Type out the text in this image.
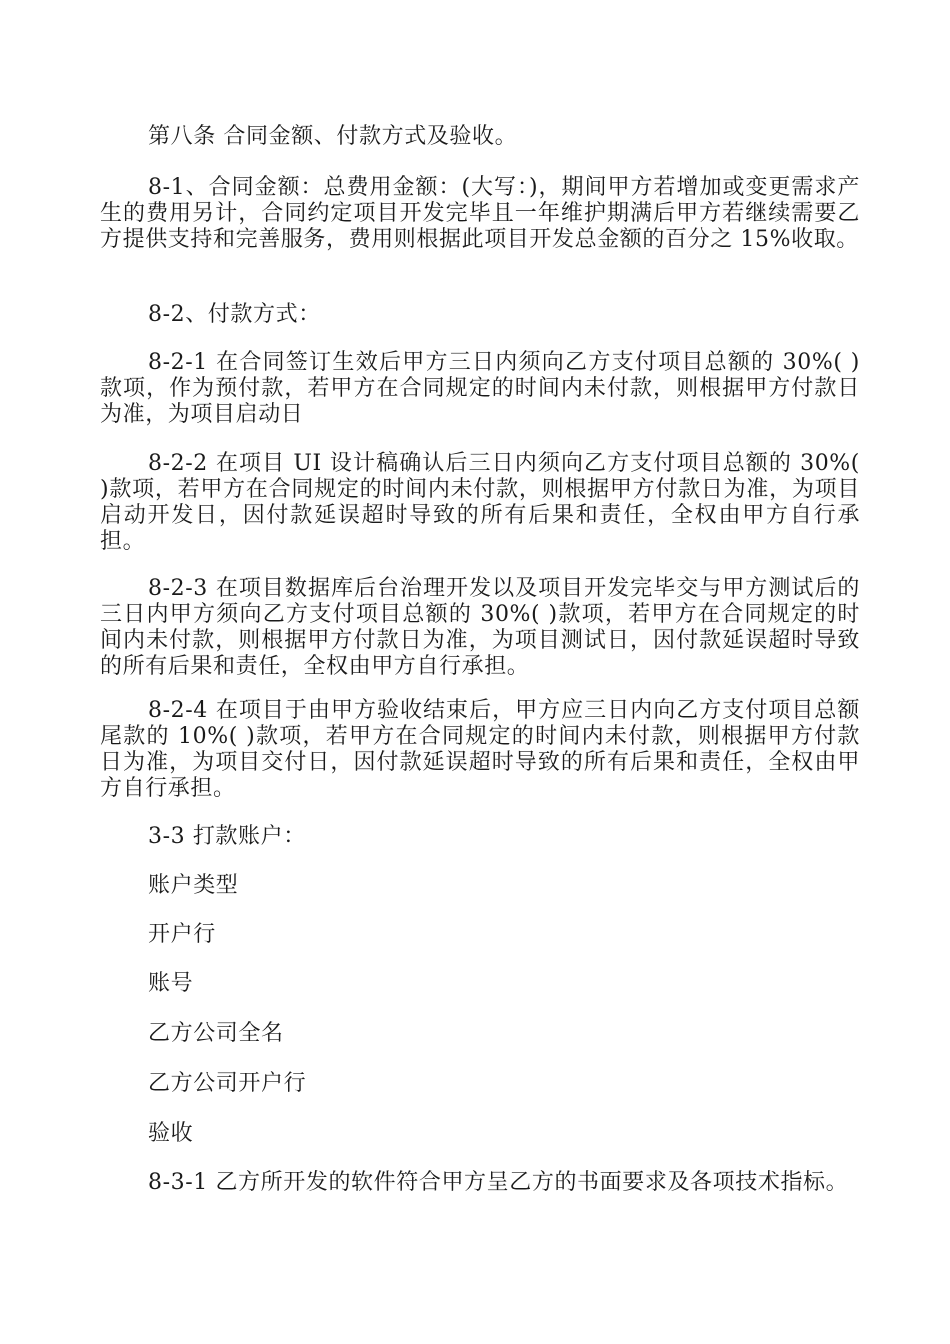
第八条 合同金额、付款方式及验收。

8-1、合同金额：总费用金额：(大写：)，期间甲方若增加或变更需求产生的费用另计，合同约定项目开发完毕且一年维护期满后甲方若继续需要乙方提供支持和完善服务，费用则根据此项目开发总金额的百分之 15%收取。

8-2、付款方式：

8-2-1 在合同签订生效后甲方三日内须向乙方支付项目总额的 30%( )款项，作为预付款，若甲方在合同规定的时间内未付款，则根据甲方付款日为准，为项目启动日

8-2-2 在项目 UI 设计稿确认后三日内须向乙方支付项目总额的 30%( )款项，若甲方在合同规定的时间内未付款，则根据甲方付款日为准，为项目启动开发日，因付款延误超时导致的所有后果和责任，全权由甲方自行承担。

8-2-3 在项目数据库后台治理开发以及项目开发完毕交与甲方测试后的三日内甲方须向乙方支付项目总额的 30%( )款项，若甲方在合同规定的时间内未付款，则根据甲方付款日为准，为项目测试日，因付款延误超时导致的所有后果和责任，全权由甲方自行承担。

8-2-4 在项目于由甲方验收结束后，甲方应三日内向乙方支付项目总额尾款的 10%( )款项，若甲方在合同规定的时间内未付款，则根据甲方付款日为准，为项目交付日，因付款延误超时导致的所有后果和责任，全权由甲方自行承担。

3-3 打款账户：

账户类型

开户行

账号

乙方公司全名

乙方公司开户行

验收

8-3-1 乙方所开发的软件符合甲方呈乙方的书面要求及各项技术指标。
